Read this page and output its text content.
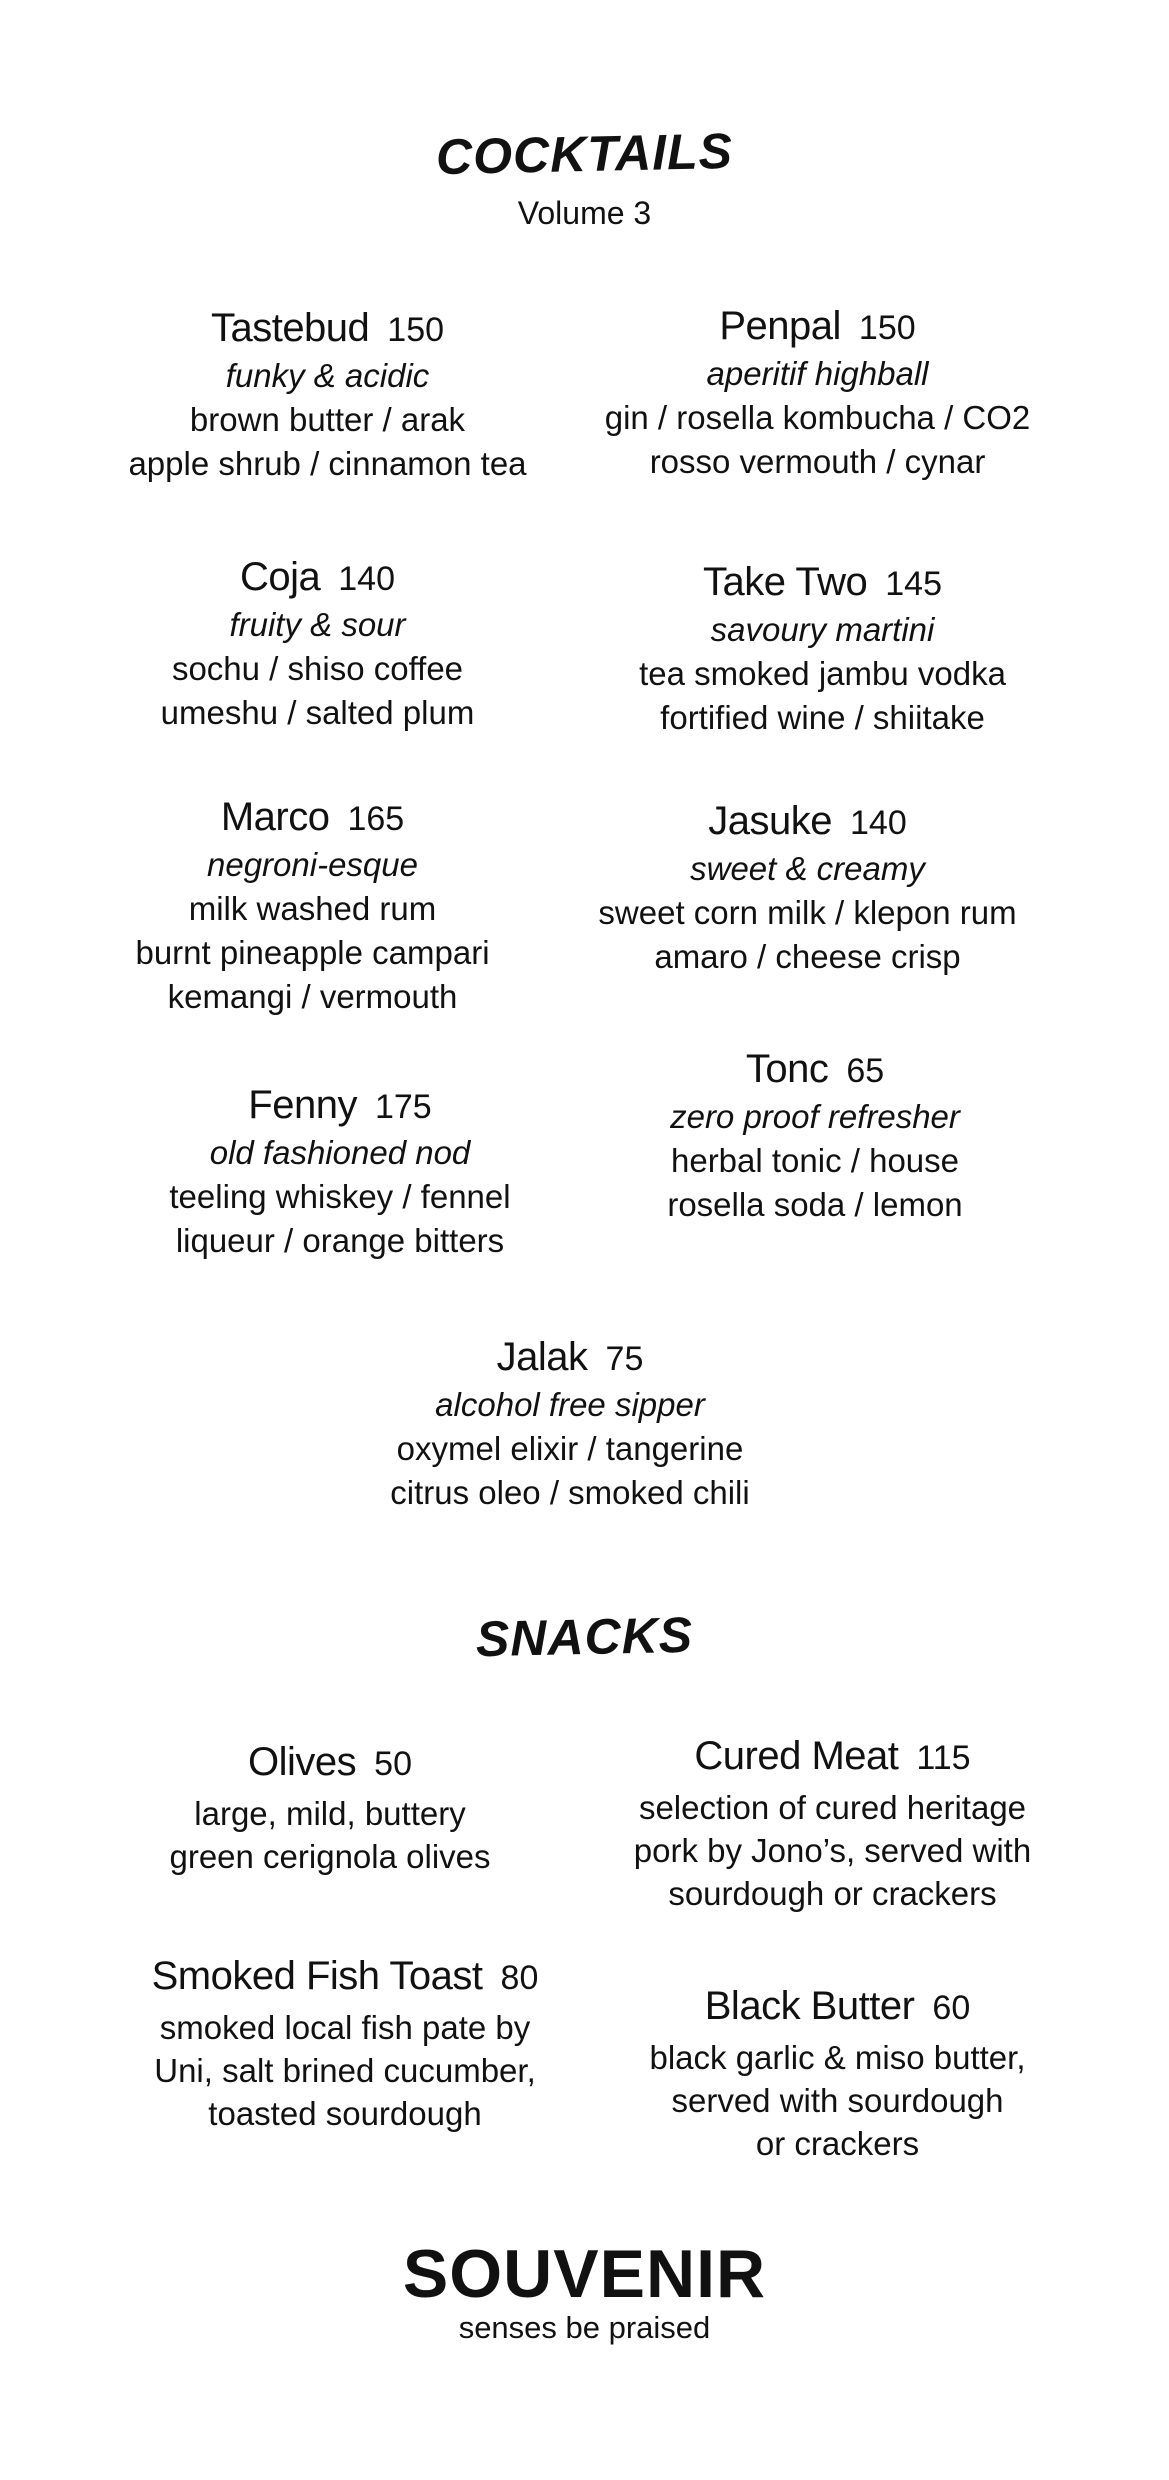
COCKTAILS
Volume 3
Tastebud 150
funky & acidic
brown butter / arak
apple shrub / cinnamon tea
Penpal 150
aperitif highball
gin / rosella kombucha / CO2
rosso vermouth / cynar
Coja 140
fruity & sour
sochu / shiso coffee
umeshu / salted plum
Take Two 145
savoury martini
tea smoked jambu vodka
fortified wine / shiitake
Marco 165
negroni-esque
milk washed rum
burnt pineapple campari
kemangi / vermouth
Jasuke 140
sweet & creamy
sweet corn milk / klepon rum
amaro / cheese crisp
Fenny 175
old fashioned nod
teeling whiskey / fennel
liqueur / orange bitters
Tonc 65
zero proof refresher
herbal tonic / house
rosella soda / lemon
Jalak 75
alcohol free sipper
oxymel elixir / tangerine
citrus oleo / smoked chili
SNACKS
Olives 50
large, mild, buttery
green cerignola olives
Cured Meat 115
selection of cured heritage
pork by Jono’s, served with
sourdough or crackers
Smoked Fish Toast 80
smoked local fish pate by
Uni, salt brined cucumber,
toasted sourdough
Black Butter 60
black garlic & miso butter,
served with sourdough
or crackers
SOUVENIR
senses be praised
